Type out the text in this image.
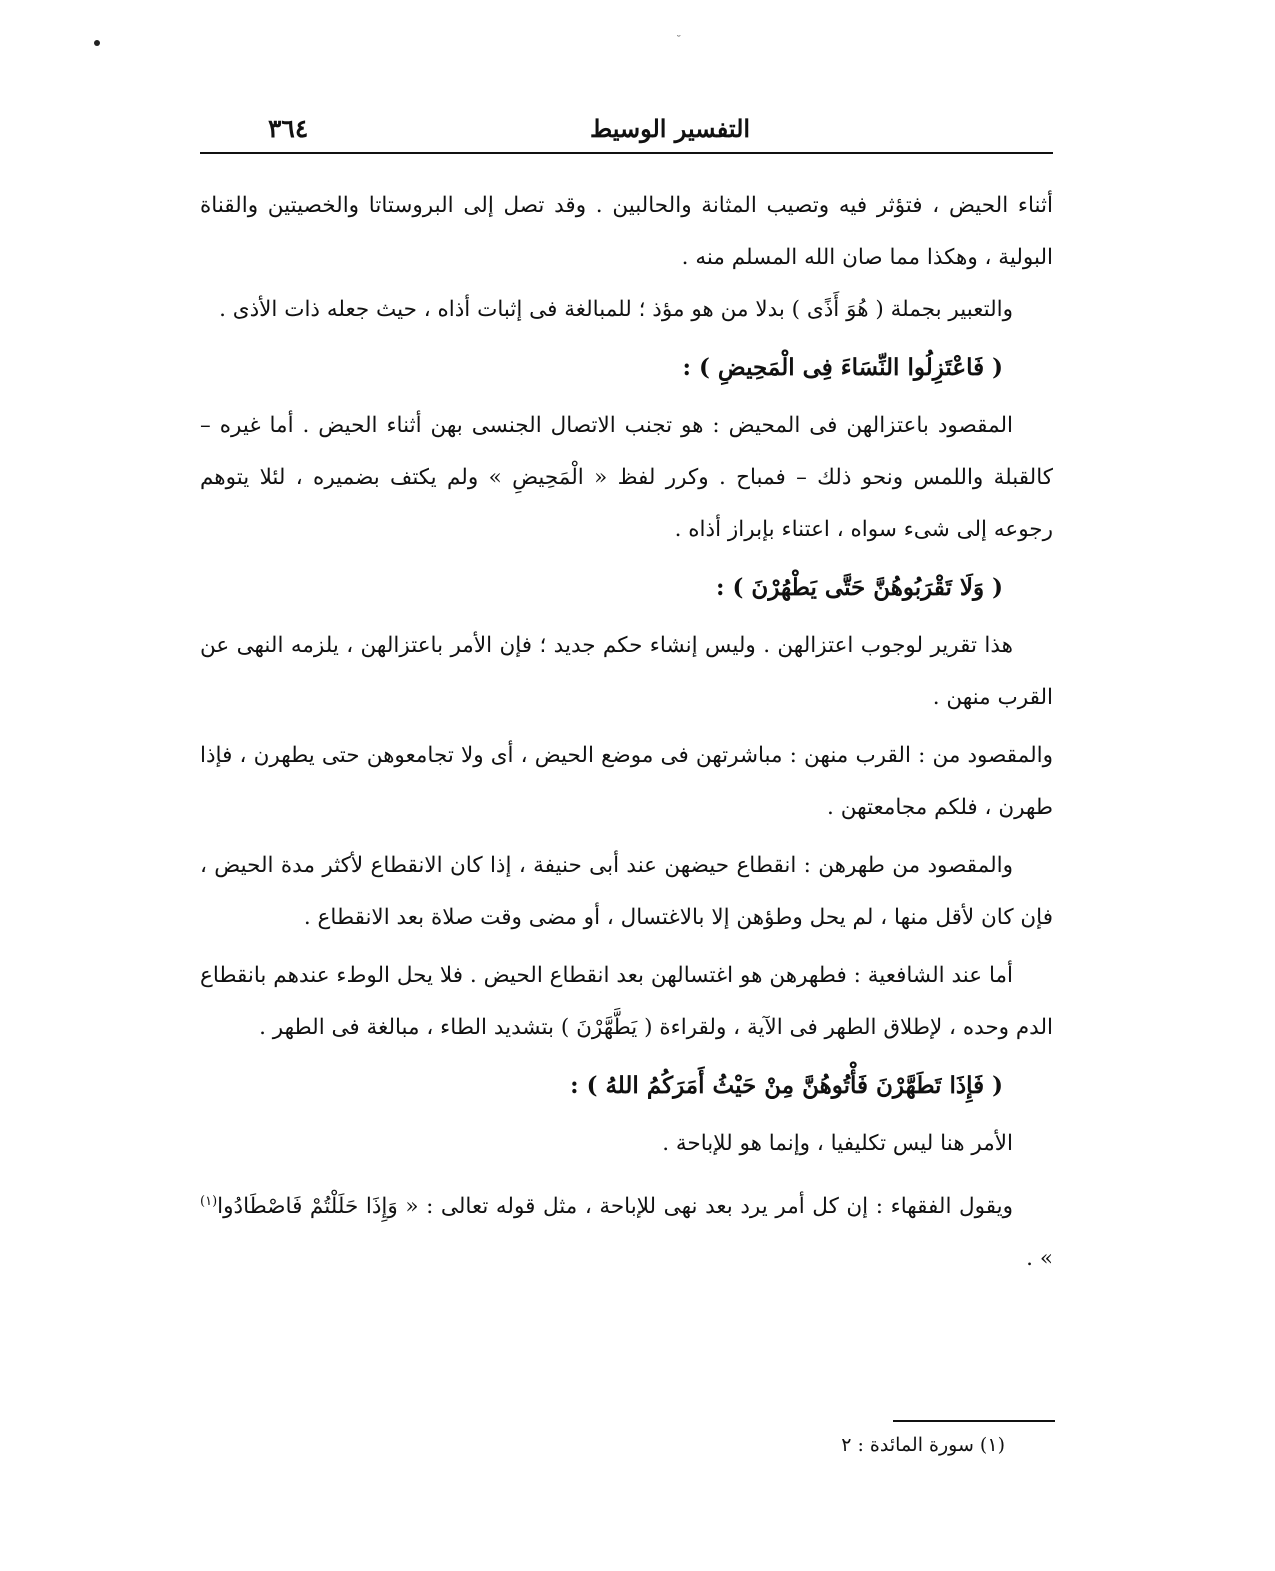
˘
٣٦٤	التفسير الوسيط

أثناء الحيض ، فتؤثر فيه وتصيب المثانة والحالبين . وقد تصل إلى البروستاتا والخصيتين والقناة البولية ، وهكذا مما صان الله المسلم منه .

والتعبير بجملة ( هُوَ أَذًى ) بدلا من هو مؤذ ؛ للمبالغة فى إثبات أذاه ، حيث جعله ذات الأذى .

( فَاعْتَزِلُوا النِّسَاءَ فِى الْمَحِيضِ ) :

المقصود باعتزالهن فى المحيض : هو تجنب الاتصال الجنسى بهن أثناء الحيض . أما غيره – كالقبلة واللمس ونحو ذلك – فمباح . وكرر لفظ « الْمَحِيضِ » ولم يكتف بضميره ، لئلا يتوهم رجوعه إلى شىء سواه ، اعتناء بإبراز أذاه .

( وَلَا تَقْرَبُوهُنَّ حَتَّى يَطْهُرْنَ ) :

هذا تقرير لوجوب اعتزالهن . وليس إنشاء حكم جديد ؛ فإن الأمر باعتزالهن ، يلزمه النهى عن القرب منهن .

والمقصود من : القرب منهن : مباشرتهن فى موضع الحيض ، أى ولا تجامعوهن حتى يطهرن ، فإذا طهرن ، فلكم مجامعتهن .

والمقصود من طهرهن : انقطاع حيضهن عند أبى حنيفة ، إذا كان الانقطاع لأكثر مدة الحيض ، فإن كان لأقل منها ، لم يحل وطؤهن إلا بالاغتسال ، أو مضى وقت صلاة بعد الانقطاع .

أما عند الشافعية : فطهرهن هو اغتسالهن بعد انقطاع الحيض . فلا يحل الوطء عندهم بانقطاع الدم وحده ، لإطلاق الطهر فى الآية ، ولقراءة ( يَطَّهَّرْنَ ) بتشديد الطاء ، مبالغة فى الطهر .

( فَإِذَا تَطَهَّرْنَ فَأْتُوهُنَّ مِنْ حَيْثُ أَمَرَكُمُ اللهُ ) :

الأمر هنا ليس تكليفيا ، وإنما هو للإباحة .

ويقول الفقهاء : إن كل أمر يرد بعد نهى للإباحة ، مثل قوله تعالى : « وَإِذَا حَلَلْتُمْ فَاصْطَادُوا$^{(١)}$ » .

(١) سورة المائدة : ٢
